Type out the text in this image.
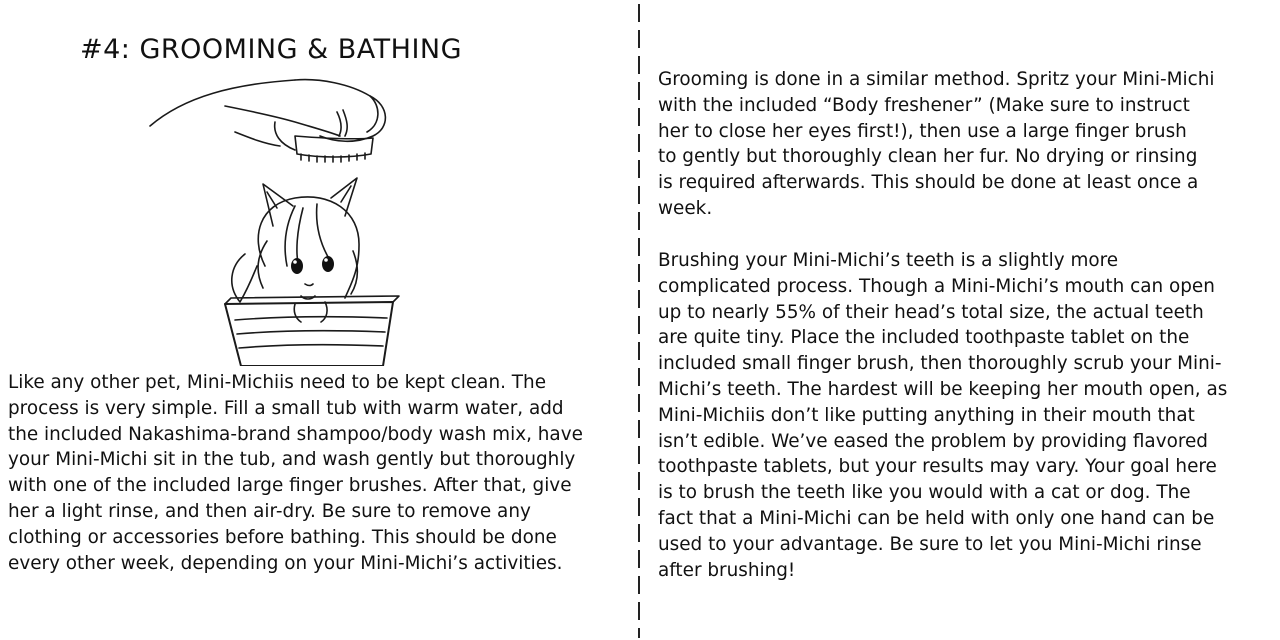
#4: GROOMING & BATHING
Like any other pet, Mini-Michiis need to be kept clean. The
process is very simple. Fill a small tub with warm water, add
the included Nakashima-brand shampoo/body wash mix, have
your Mini-Michi sit in the tub, and wash gently but thoroughly
with one of the included large finger brushes. After that, give
her a light rinse, and then air-dry. Be sure to remove any
clothing or accessories before bathing. This should be done
every other week, depending on your Mini-Michi’s activities.
Grooming is done in a similar method. Spritz your Mini-Michi
with the included “Body freshener” (Make sure to instruct
her to close her eyes first!), then use a large finger brush
to gently but thoroughly clean her fur. No drying or rinsing
is required afterwards. This should be done at least once a
week.
Brushing your Mini-Michi’s teeth is a slightly more
complicated process. Though a Mini-Michi’s mouth can open
up to nearly 55% of their head’s total size, the actual teeth
are quite tiny. Place the included toothpaste tablet on the
included small finger brush, then thoroughly scrub your Mini-
Michi’s teeth. The hardest will be keeping her mouth open, as
Mini-Michiis don’t like putting anything in their mouth that
isn’t edible. We’ve eased the problem by providing flavored
toothpaste tablets, but your results may vary. Your goal here
is to brush the teeth like you would with a cat or dog. The
fact that a Mini-Michi can be held with only one hand can be
used to your advantage. Be sure to let you Mini-Michi rinse
after brushing!
